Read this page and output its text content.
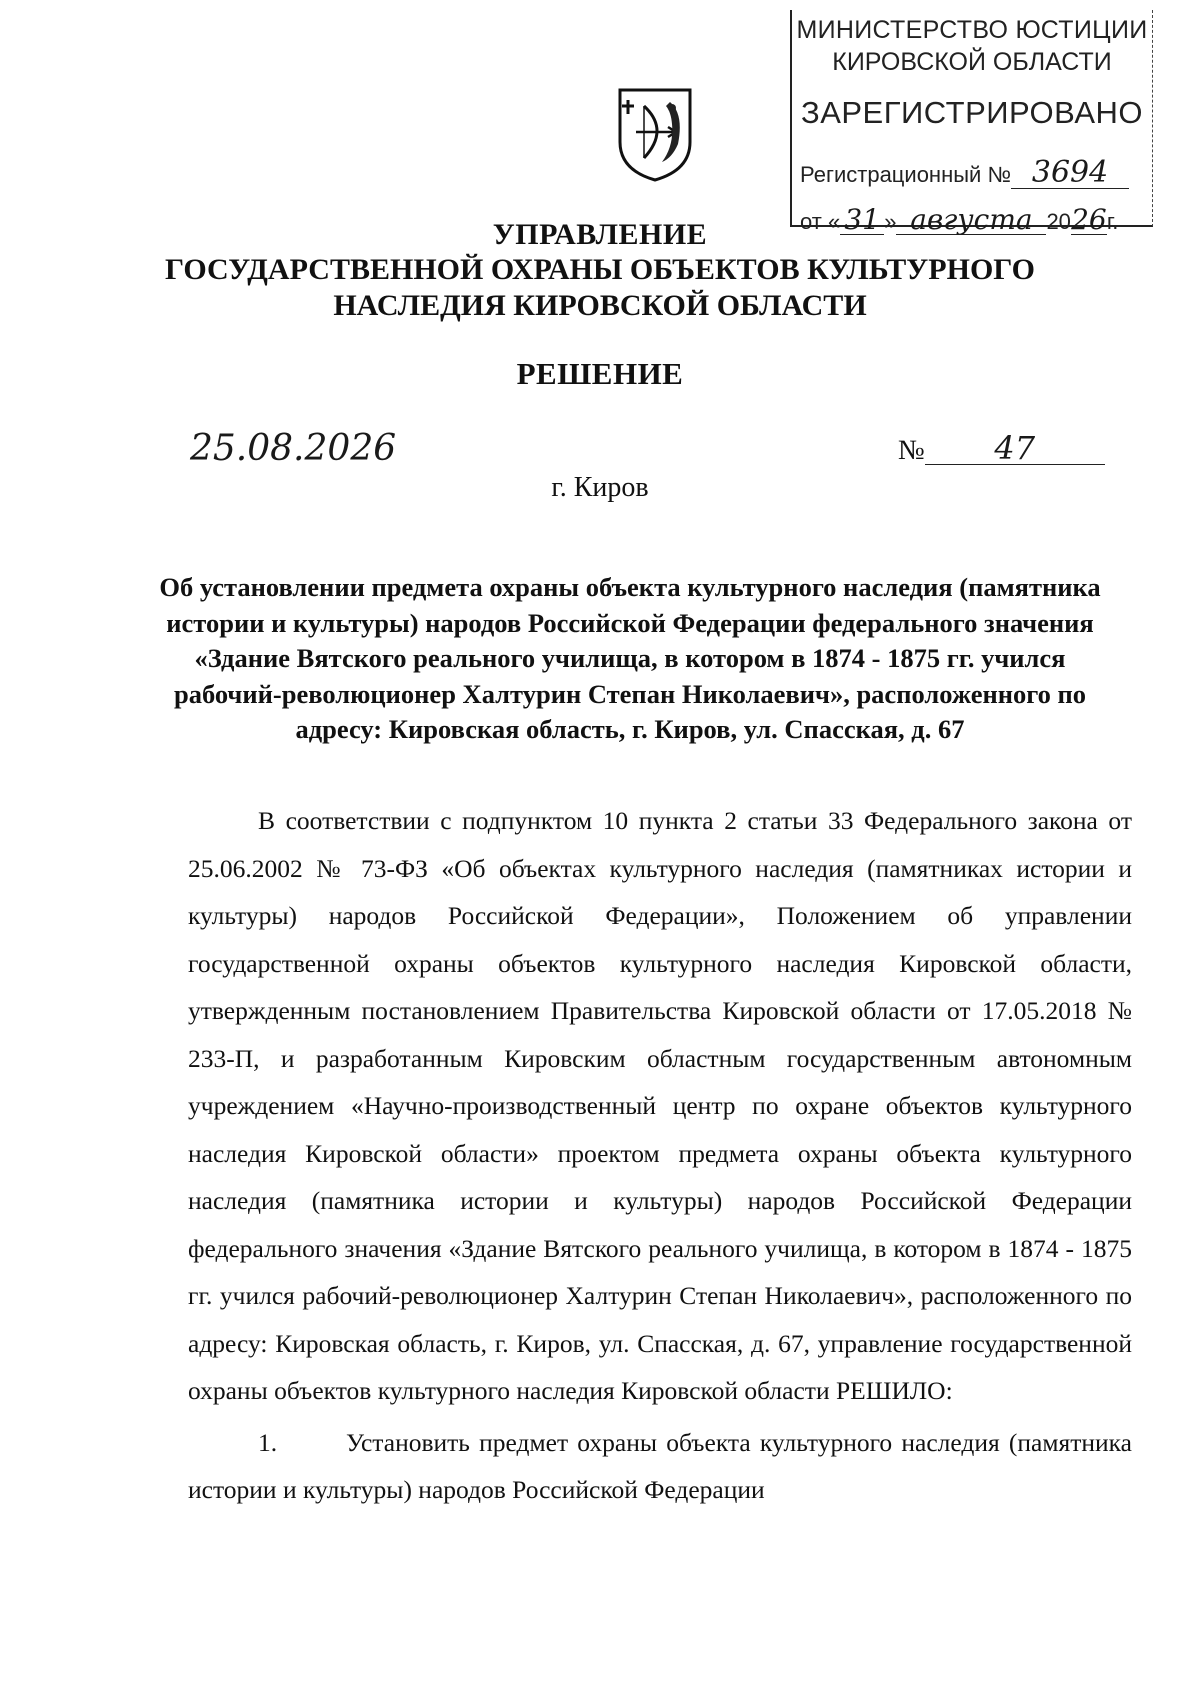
МИНИСТЕРСТВО ЮСТИЦИИ
КИРОВСКОЙ ОБЛАСТИ
ЗАРЕГИСТРИРОВАНО
Регистрационный № 3694
от « 31 » августа 2026г.
УПРАВЛЕНИЕ
ГОСУДАРСТВЕННОЙ ОХРАНЫ ОБЪЕКТОВ КУЛЬТУРНОГО
НАСЛЕДИЯ КИРОВСКОЙ ОБЛАСТИ
РЕШЕНИЕ
25.08.2026	№ 47
г. Киров
Об установлении предмета охраны объекта культурного наследия (памятника истории и культуры) народов Российской Федерации федерального значения «Здание Вятского реального училища, в котором в 1874 - 1875 гг. учился рабочий-революционер Халтурин Степан Николаевич», расположенного по адресу: Кировская область, г. Киров, ул. Спасская, д. 67

В соответствии с подпунктом 10 пункта 2 статьи 33 Федерального закона от 25.06.2002 № 73-ФЗ «Об объектах культурного наследия (памятниках истории и культуры) народов Российской Федерации», Положением об управлении государственной охраны объектов культурного наследия Кировской области, утвержденным постановлением Правительства Кировской области от 17.05.2018 № 233-П, и разработанным Кировским областным государственным автономным учреждением «Научно-производственный центр по охране объектов культурного наследия Кировской области» проектом предмета охраны объекта культурного наследия (памятника истории и культуры) народов Российской Федерации федерального значения «Здание Вятского реального училища, в котором в 1874 - 1875 гг. учился рабочий-революционер Халтурин Степан Николаевич», расположенного по адресу: Кировская область, г. Киров, ул. Спасская, д. 67, управление государственной охраны объектов культурного наследия Кировской области РЕШИЛО:

1.	Установить предмет охраны объекта культурного наследия (памятника истории и культуры) народов Российской Федерации
